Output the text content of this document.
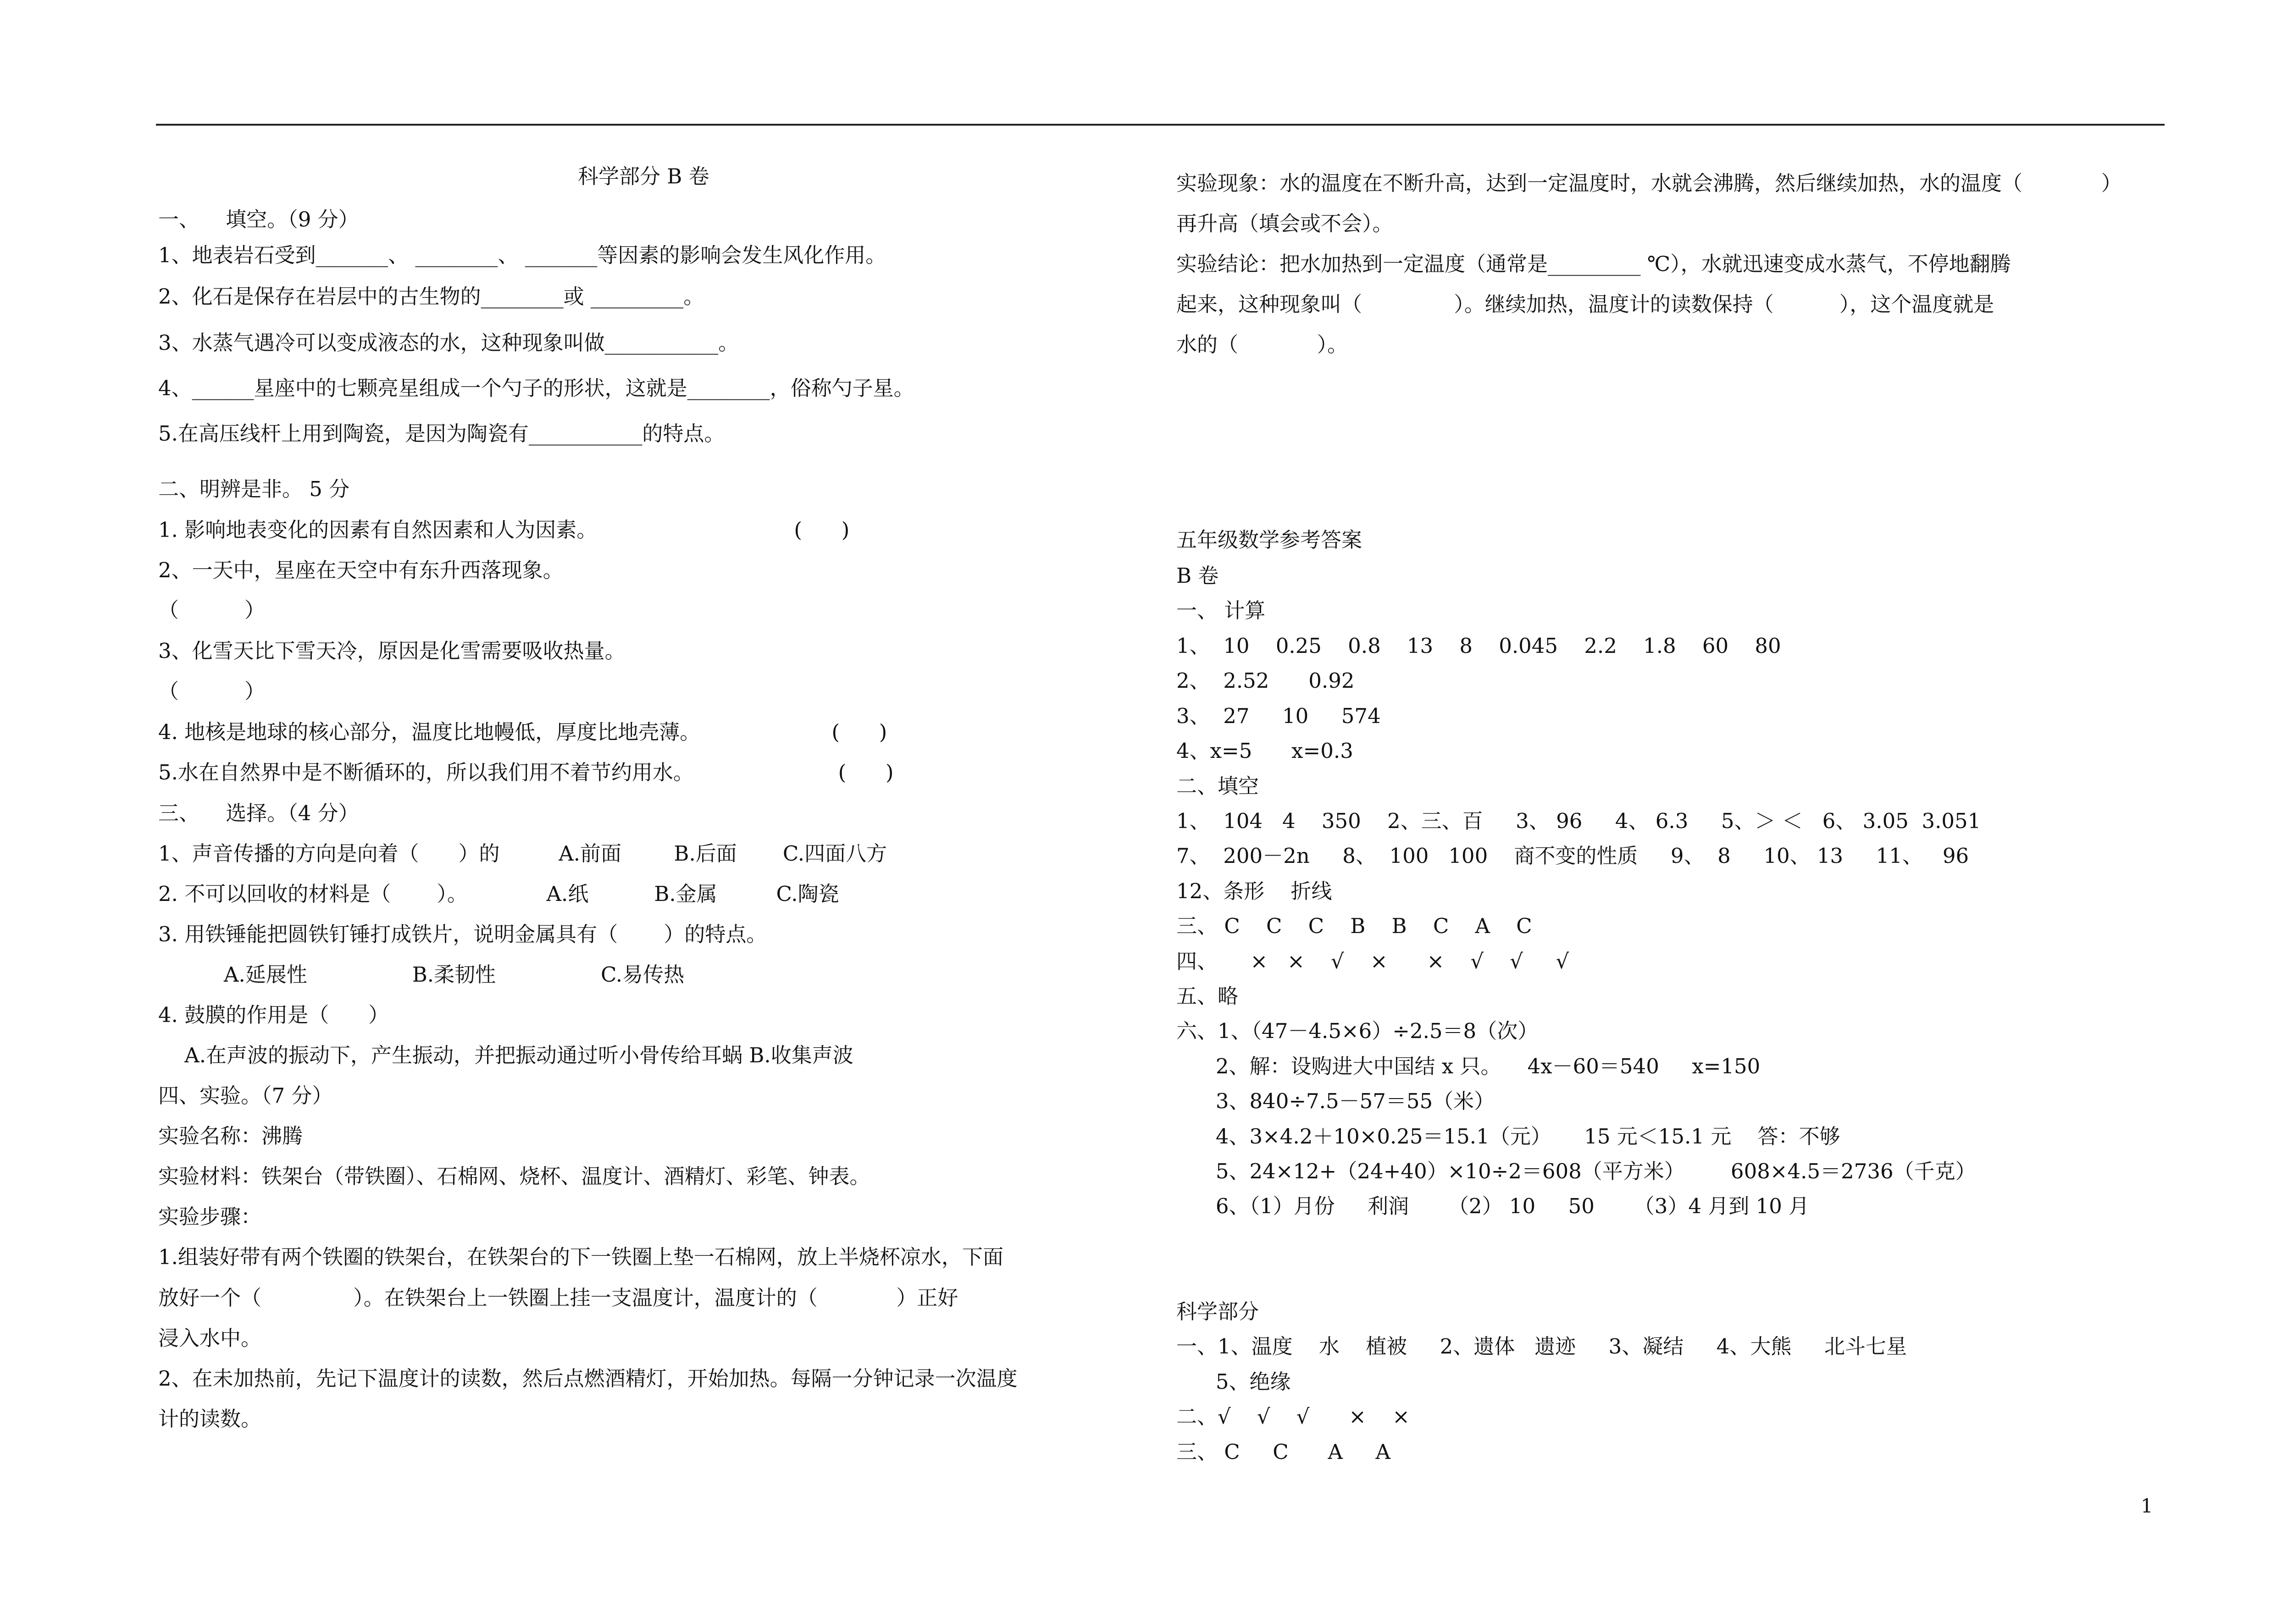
科学部分 B 卷
一、    填空。（9 分）
1、地表岩石受到_______、 ________、 _______等因素的影响会发生风化作用。
2、化石是保存在岩层中的古生物的________或 _________。
3、水蒸气遇冷可以变成液态的水，这种现象叫做___________。
4、______星座中的七颗亮星组成一个勺子的形状，这就是________，俗称勺子星。
5.在高压线杆上用到陶瓷，是因为陶瓷有___________的特点。
二、明辨是非。 5 分
1. 影响地表变化的因素有自然因素和人为因素。                              (      )
2、一天中，星座在天空中有东升西落现象。
（          ）
3、化雪天比下雪天冷，原因是化雪需要吸收热量。
（          ）
4. 地核是地球的核心部分，温度比地幔低，厚度比地壳薄。                    (      )
5.水在自然界中是不断循环的，所以我们用不着节约用水。                      (      )
三、    选择。（4 分）
1、声音传播的方向是向着（      ）的         A.前面        B.后面       C.四面八方
2. 不可以回收的材料是（       ）。            A.纸          B.金属         C.陶瓷
3. 用铁锤能把圆铁钉锤打成铁片，说明金属具有（       ）的特点。
A.延展性                B.柔韧性                C.易传热
4. 鼓膜的作用是（      ）
A.在声波的振动下，产生振动，并把振动通过听小骨传给耳蜗 B.收集声波
四、实验。（7 分）
实验名称：沸腾
实验材料：铁架台（带铁圈）、石棉网、烧杯、温度计、酒精灯、彩笔、钟表。
实验步骤：
1.组装好带有两个铁圈的铁架台，在铁架台的下一铁圈上垫一石棉网，放上半烧杯凉水，下面
放好一个（              ）。在铁架台上一铁圈上挂一支温度计，温度计的（            ）正好
浸入水中。
2、在未加热前，先记下温度计的读数，然后点燃酒精灯，开始加热。每隔一分钟记录一次温度
计的读数。
实验现象：水的温度在不断升高，达到一定温度时，水就会沸腾，然后继续加热，水的温度（            ）
再升高（填会或不会）。
实验结论：把水加热到一定温度（通常是_________ ℃），水就迅速变成水蒸气，不停地翻腾
起来，这种现象叫（              ）。继续加热，温度计的读数保持（          ），这个温度就是
水的（            ）。
五年级数学参考答案
B 卷
一、 计算
1、  10    0.25    0.8    13    8    0.045    2.2    1.8    60    80
2、  2.52      0.92
3、  27     10     574
4、x=5      x=0.3
二、填空
1、  104   4    350    2、三、百     3、 96     4、 6.3     5、＞ ＜   6、 3.05  3.051
7、  200－2n     8、  100   100    商不变的性质     9、  8     10、 13     11、   96
12、条形    折线
三、 C    C    C    B    B    C    A    C
四、     ×   ×    √    ×      ×    √    √     √
五、略
六、1、（47－4.5×6）÷2.5＝8（次）
2、解：设购进大中国结 x 只。    4x－60＝540     x=150
3、840÷7.5－57＝55（米）
4、3×4.2＋10×0.25＝15.1（元）     15 元＜15.1 元    答：不够
5、24×12+（24+40）×10÷2＝608（平方米）       608×4.5＝2736（千克）
6、（1）月份     利润      （2） 10     50      （3）4 月到 10 月
科学部分
一、1、温度    水    植被     2、遗体   遗迹     3、凝结     4、大熊     北斗七星
5、绝缘
二、√    √    √      ×    ×
三、 C     C      A     A
1
